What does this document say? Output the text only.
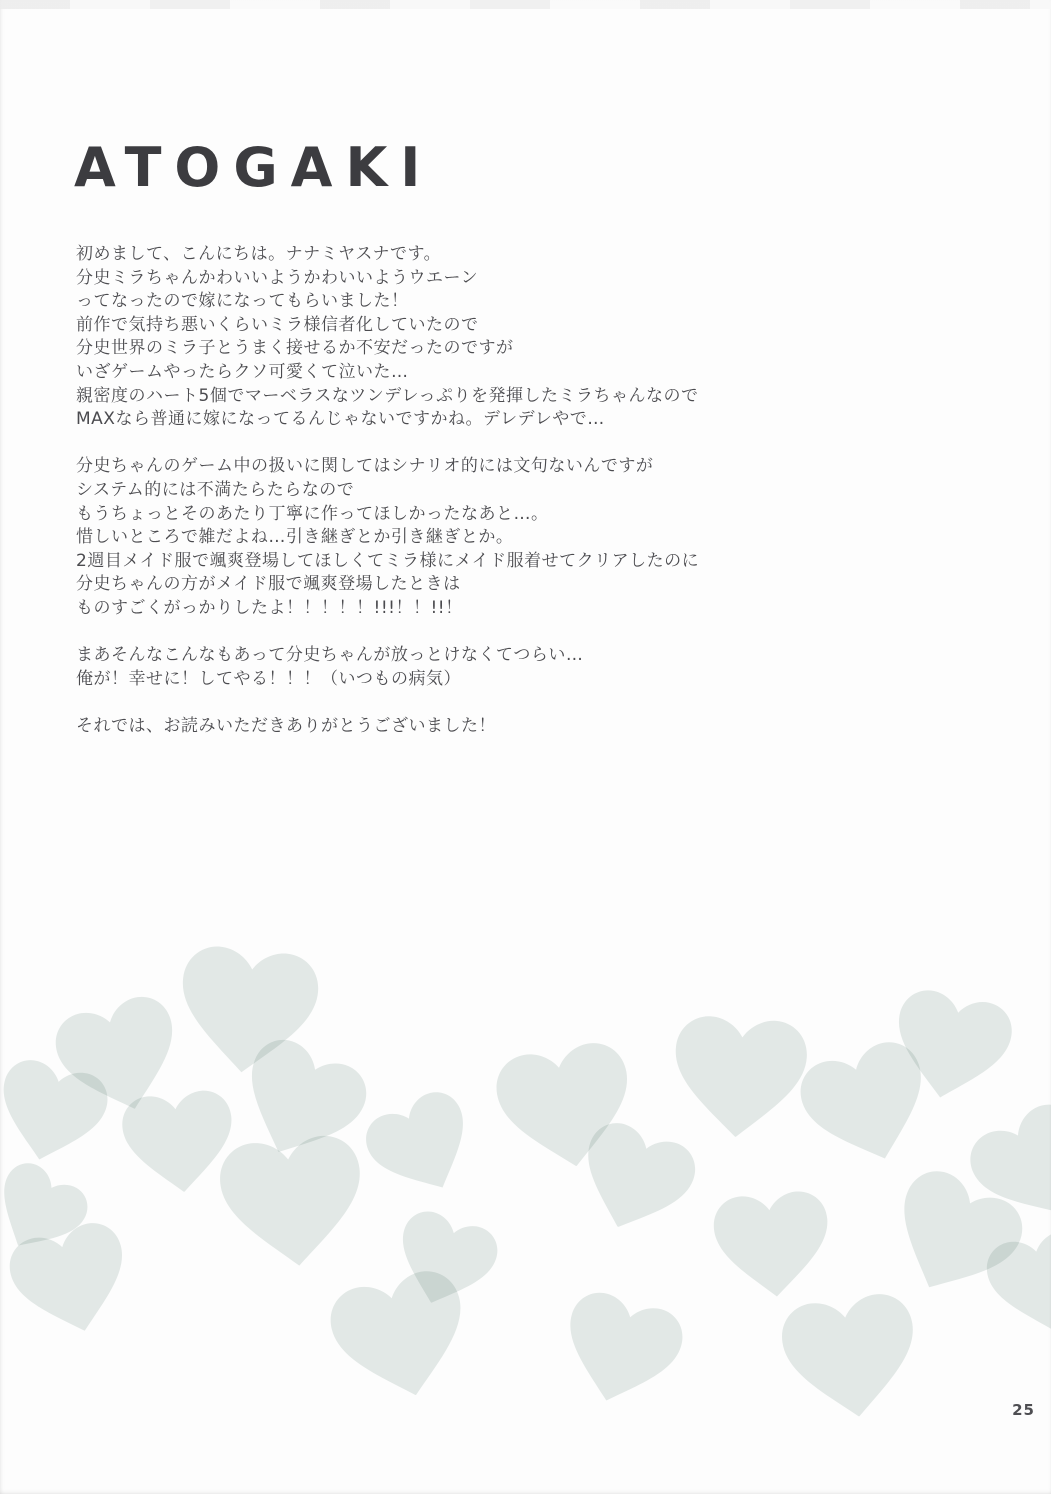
ATOGAKI
初めまして、こんにちは。ナナミヤスナです。
分史ミラちゃんかわいいようかわいいようウエーン
ってなったので嫁になってもらいました！
前作で気持ち悪いくらいミラ様信者化していたので
分史世界のミラ子とうまく接せるか不安だったのですが
いざゲームやったらクソ可愛くて泣いた…
親密度のハート5個でマーベラスなツンデレっぷりを発揮したミラちゃんなので
MAXなら普通に嫁になってるんじゃないですかね。デレデレやで…
分史ちゃんのゲーム中の扱いに関してはシナリオ的には文句ないんですが
システム的には不満たらたらなので
もうちょっとそのあたり丁寧に作ってほしかったなあと…。
惜しいところで雑だよね…引き継ぎとか引き継ぎとか。
2週目メイド服で颯爽登場してほしくてミラ様にメイド服着せてクリアしたのに
分史ちゃんの方がメイド服で颯爽登場したときは
ものすごくがっかりしたよ！！！！！!!!！！!!！
まあそんなこんなもあって分史ちゃんが放っとけなくてつらい…
俺が！幸せに！してやる！！！（いつもの病気）
それでは、お読みいただきありがとうございました！
25
